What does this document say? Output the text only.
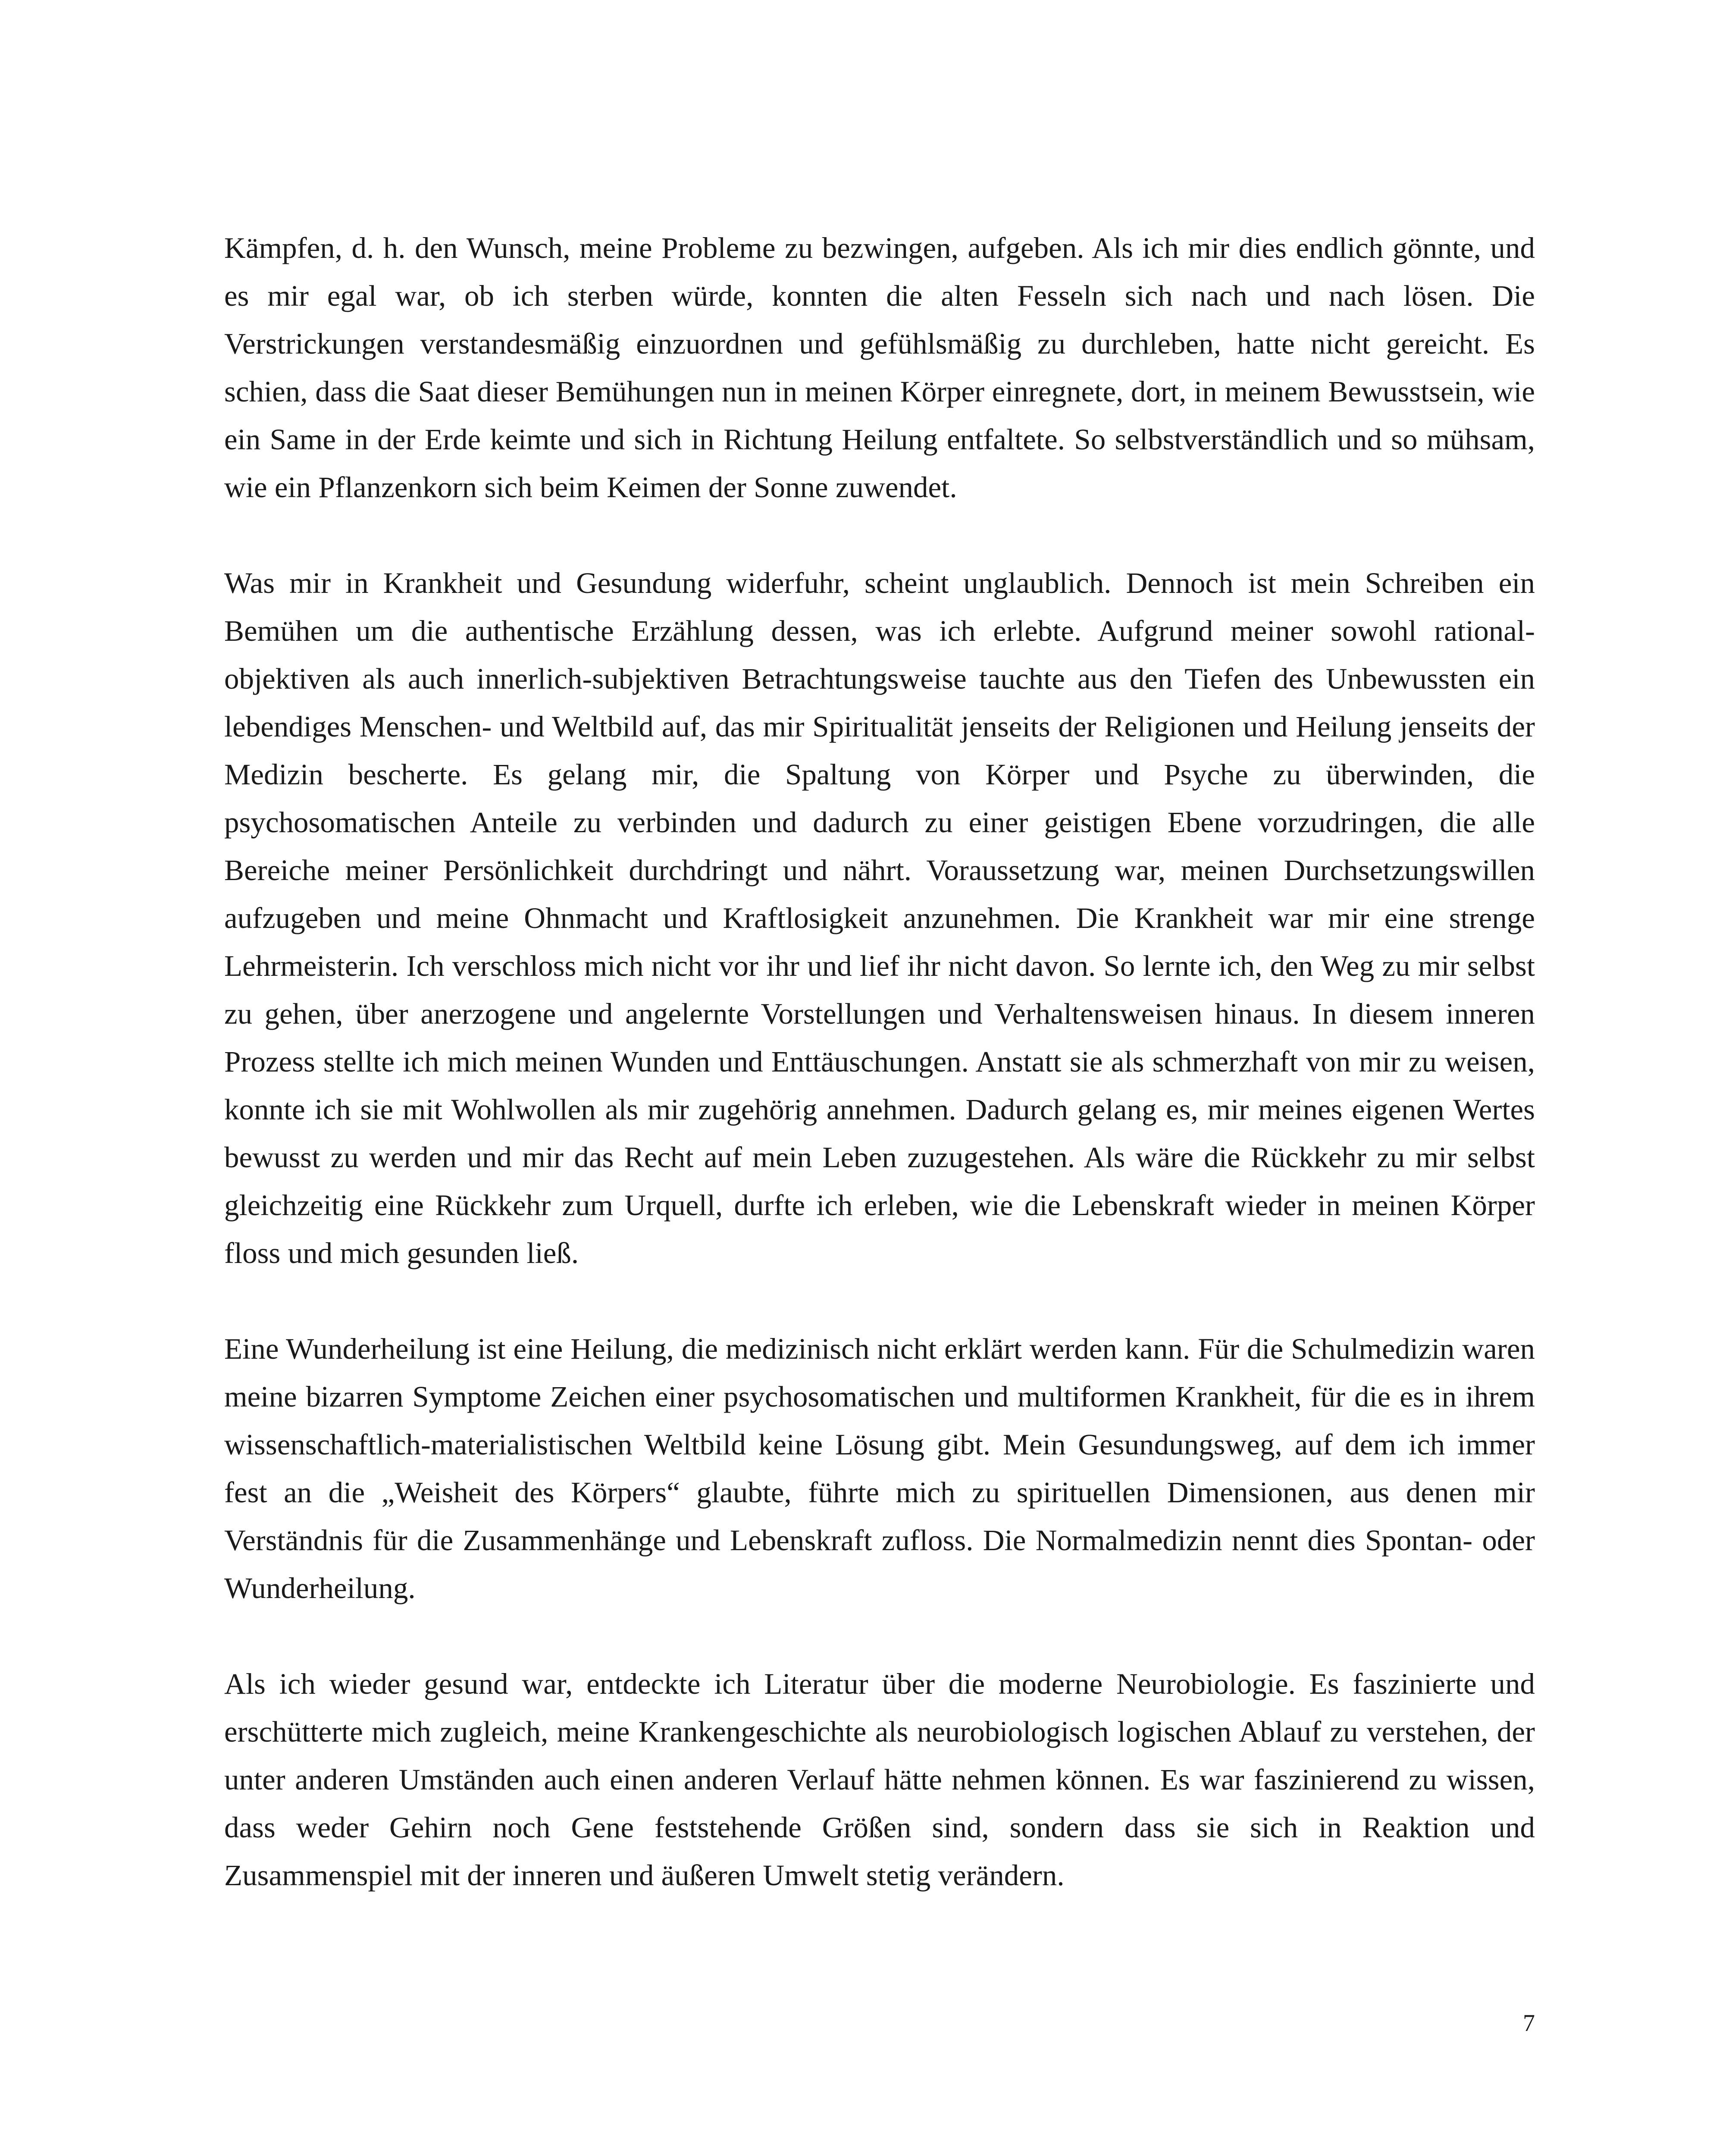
Kämpfen, d. h. den Wunsch, meine Probleme zu bezwingen, aufgeben. Als ich mir dies endlich gönnte, und es mir egal war, ob ich sterben würde, konnten die alten Fesseln sich nach und nach lösen. Die Verstrickungen verstandesmäßig einzuordnen und gefühlsmäßig zu durchleben, hatte nicht gereicht. Es schien, dass die Saat dieser Bemühungen nun in meinen Körper einregnete, dort, in meinem Bewusstsein, wie ein Same in der Erde keimte und sich in Richtung Heilung entfaltete. So selbstverständlich und so mühsam, wie ein Pflanzenkorn sich beim Keimen der Sonne zuwendet.

Was mir in Krankheit und Gesundung widerfuhr, scheint unglaublich. Dennoch ist mein Schreiben ein Bemühen um die authentische Erzählung dessen, was ich erlebte. Aufgrund meiner sowohl rational-objektiven als auch innerlich-subjektiven Betrachtungsweise tauchte aus den Tiefen des Unbewussten ein lebendiges Menschen- und Weltbild auf, das mir Spiritualität jenseits der Religionen und Heilung jenseits der Medizin bescherte. Es gelang mir, die Spaltung von Körper und Psyche zu überwinden, die psychosomatischen Anteile zu verbinden und dadurch zu einer geistigen Ebene vorzudringen, die alle Bereiche meiner Persönlichkeit durchdringt und nährt. Voraussetzung war, meinen Durchsetzungswillen aufzugeben und meine Ohnmacht und Kraftlosigkeit anzunehmen. Die Krankheit war mir eine strenge Lehrmeisterin. Ich verschloss mich nicht vor ihr und lief ihr nicht davon. So lernte ich, den Weg zu mir selbst zu gehen, über anerzogene und angelernte Vorstellungen und Verhaltensweisen hinaus. In diesem inneren Prozess stellte ich mich meinen Wunden und Enttäuschungen. Anstatt sie als schmerzhaft von mir zu weisen, konnte ich sie mit Wohlwollen als mir zugehörig annehmen. Dadurch gelang es, mir meines eigenen Wertes bewusst zu werden und mir das Recht auf mein Leben zuzugestehen. Als wäre die Rückkehr zu mir selbst gleichzeitig eine Rückkehr zum Urquell, durfte ich erleben, wie die Lebenskraft wieder in meinen Körper floss und mich gesunden ließ.

Eine Wunderheilung ist eine Heilung, die medizinisch nicht erklärt werden kann. Für die Schulmedizin waren meine bizarren Symptome Zeichen einer psychosomatischen und multiformen Krankheit, für die es in ihrem wissenschaftlich-materialistischen Weltbild keine Lösung gibt. Mein Gesundungsweg, auf dem ich immer fest an die „Weisheit des Körpers“ glaubte, führte mich zu spirituellen Dimensionen, aus denen mir Verständnis für die Zusammenhänge und Lebenskraft zufloss. Die Normalmedizin nennt dies Spontan- oder Wunderheilung.

Als ich wieder gesund war, entdeckte ich Literatur über die moderne Neurobiologie. Es faszinierte und erschütterte mich zugleich, meine Krankengeschichte als neurobiologisch logischen Ablauf zu verstehen, der unter anderen Umständen auch einen anderen Verlauf hätte nehmen können. Es war faszinierend zu wissen, dass weder Gehirn noch Gene feststehende Größen sind, sondern dass sie sich in Reaktion und Zusammenspiel mit der inneren und äußeren Umwelt stetig verändern.

7
